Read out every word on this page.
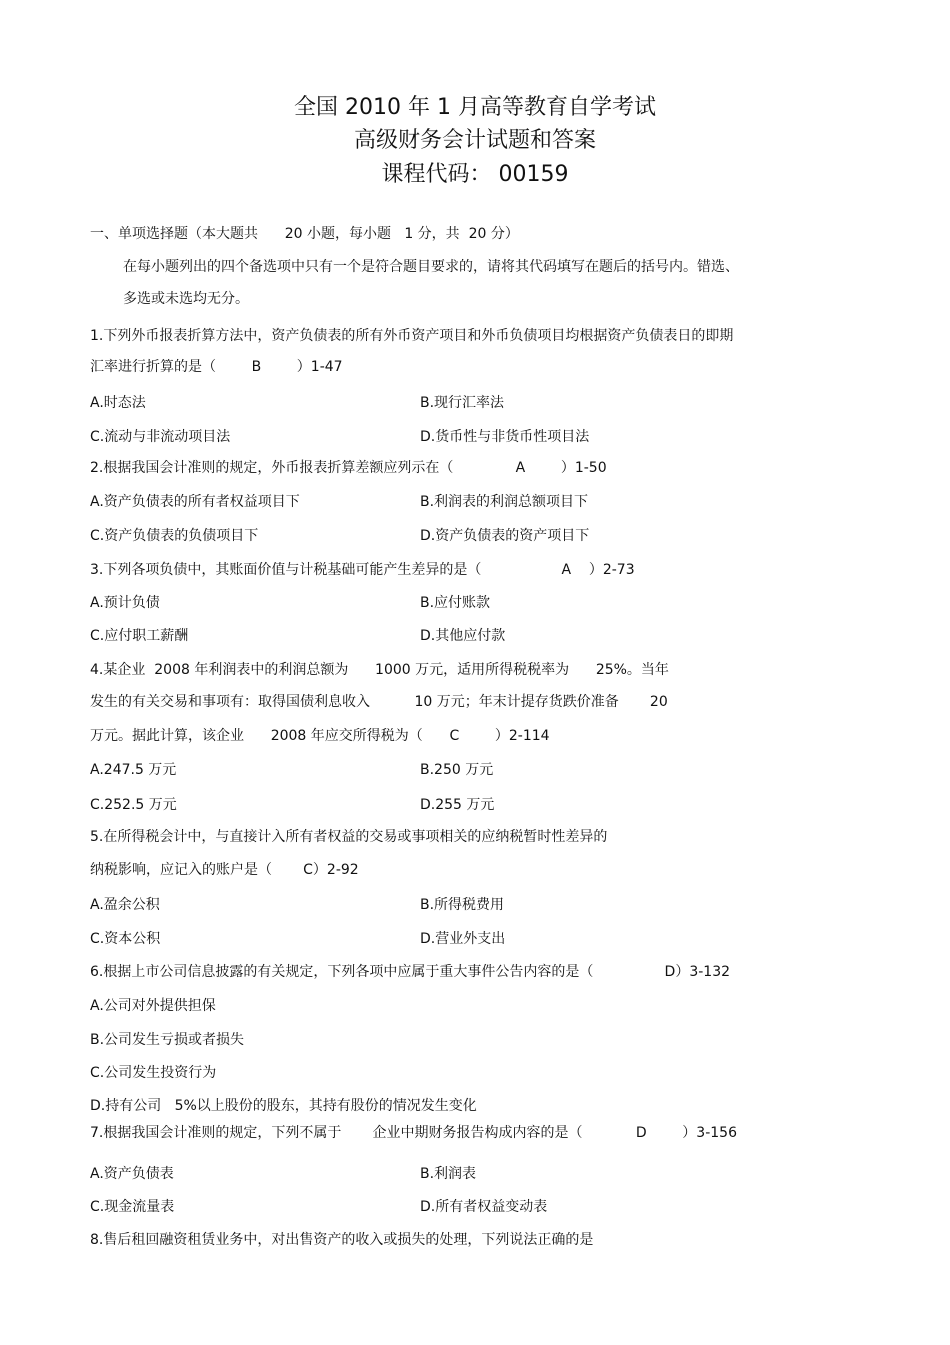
全国 2010 年 1 月高等教育自学考试
高级财务会计试题和答案
课程代码： 00159
一、单项选择题（本大题共      20 小题，每小题   1 分，共  20 分）
在每小题列出的四个备选项中只有一个是符合题目要求的，请将其代码填写在题后的括号内。错选、
多选或未选均无分。
1.下列外币报表折算方法中，资产负债表的所有外币资产项目和外币负债项目均根据资产负债表日的即期
汇率进行折算的是（        B        ）1-47
A.时态法	B.现行汇率法
C.流动与非流动项目法	D.货币性与非货币性项目法
2.根据我国会计准则的规定，外币报表折算差额应列示在（              A        ）1-50
A.资产负债表的所有者权益项目下	B.利润表的利润总额项目下
C.资产负债表的负债项目下	D.资产负债表的资产项目下
3.下列各项负债中，其账面价值与计税基础可能产生差异的是（                  A    ）2-73
A.预计负债	B.应付账款
C.应付职工薪酬	D.其他应付款
4.某企业  2008 年利润表中的利润总额为      1000 万元，适用所得税税率为      25%。当年
发生的有关交易和事项有：取得国债利息收入          10 万元；年末计提存货跌价准备       20
万元。据此计算，该企业      2008 年应交所得税为（      C        ）2-114
A.247.5 万元	B.250 万元
C.252.5 万元	D.255 万元
5.在所得税会计中，与直接计入所有者权益的交易或事项相关的应纳税暂时性差异的
纳税影响，应记入的账户是（       C）2-92
A.盈余公积	B.所得税费用
C.资本公积	D.营业外支出
6.根据上市公司信息披露的有关规定，下列各项中应属于重大事件公告内容的是（                D）3-132
A.公司对外提供担保
B.公司发生亏损或者损失
C.公司发生投资行为
D.持有公司   5%以上股份的股东，其持有股份的情况发生变化
7.根据我国会计准则的规定，下列不属于       企业中期财务报告构成内容的是（            D        ）3-156
A.资产负债表	B.利润表
C.现金流量表	D.所有者权益变动表
8.售后租回融资租赁业务中，对出售资产的收入或损失的处理，下列说法正确的是
